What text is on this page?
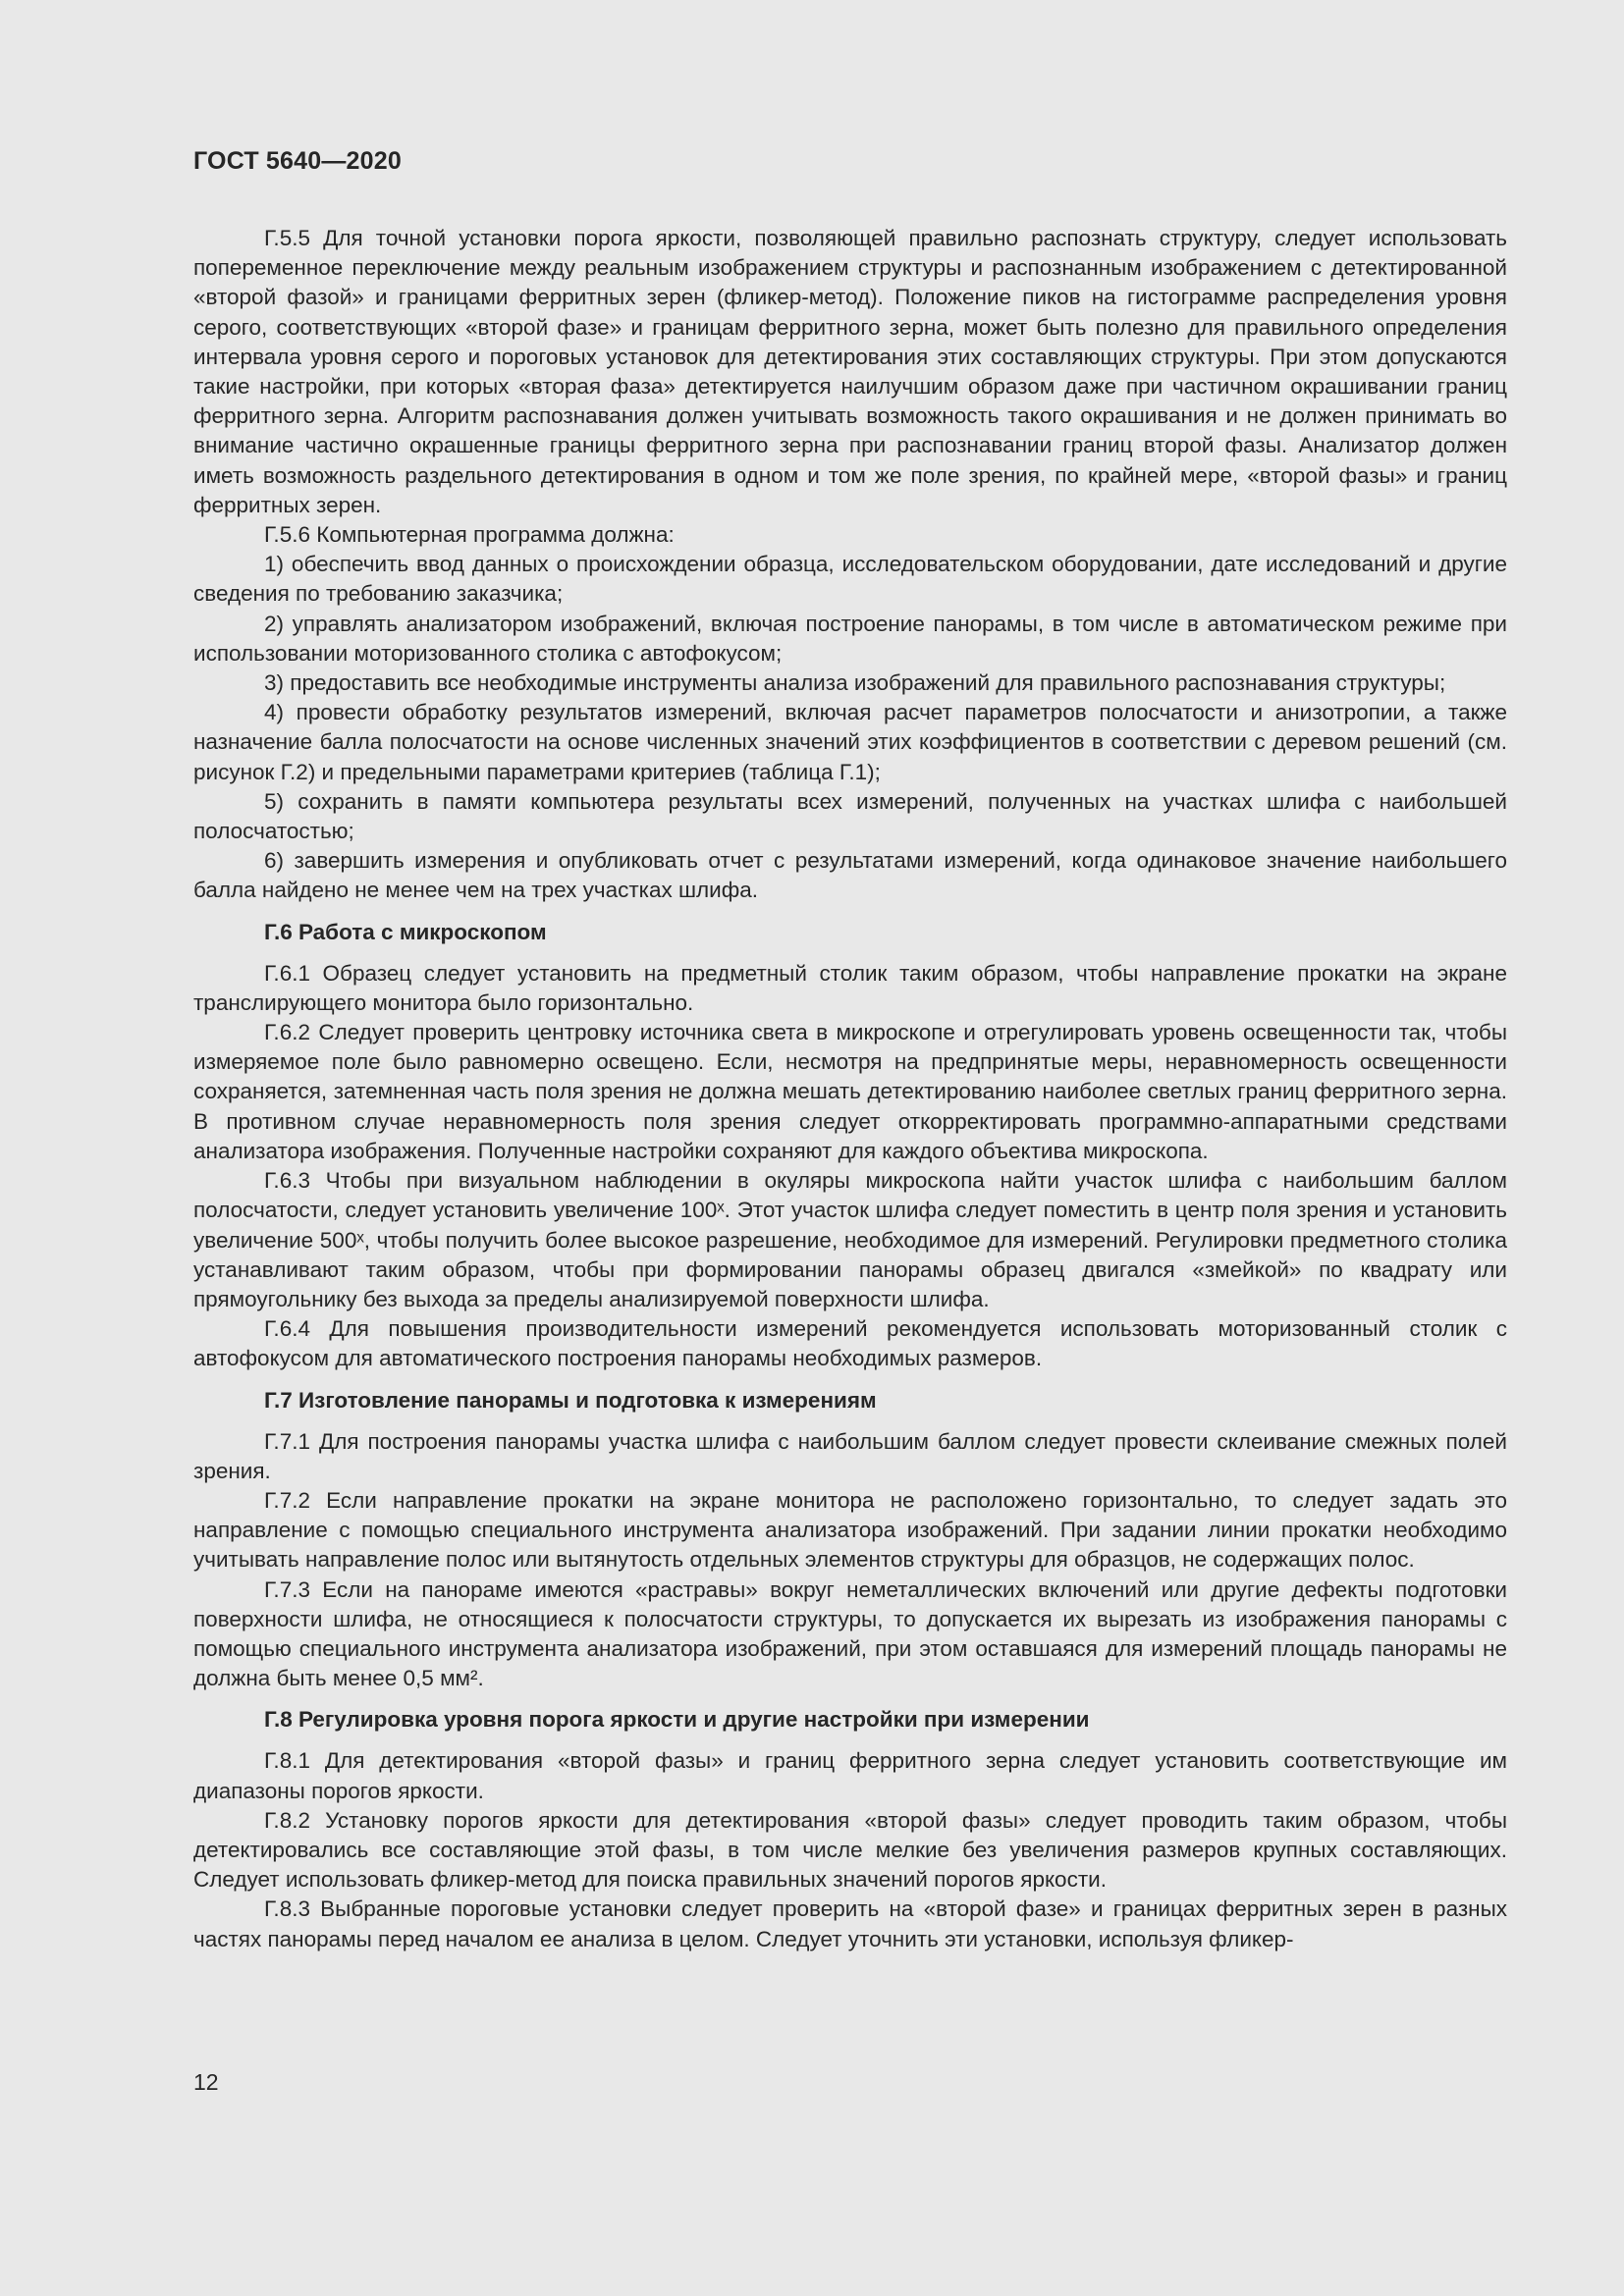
ГОСТ 5640—2020

Г.5.5 Для точной установки порога яркости, позволяющей правильно распознать структуру, следует использовать попеременное переключение между реальным изображением структуры и распознанным изображением с детектированной «второй фазой» и границами ферритных зерен (фликер-метод). Положение пиков на гистограмме распределения уровня серого, соответствующих «второй фазе» и границам ферритного зерна, может быть полезно для правильного определения интервала уровня серого и пороговых установок для детектирования этих составляющих структуры. При этом допускаются такие настройки, при которых «вторая фаза» детектируется наилучшим образом даже при частичном окрашивании границ ферритного зерна. Алгоритм распознавания должен учитывать возможность такого окрашивания и не должен принимать во внимание частично окрашенные границы ферритного зерна при распознавании границ второй фазы. Анализатор должен иметь возможность раздельного детектирования в одном и том же поле зрения, по крайней мере, «второй фазы» и границ ферритных зерен.

Г.5.6 Компьютерная программа должна:

1) обеспечить ввод данных о происхождении образца, исследовательском оборудовании, дате исследований и другие сведения по требованию заказчика;

2) управлять анализатором изображений, включая построение панорамы, в том числе в автоматическом режиме при использовании моторизованного столика с автофокусом;

3) предоставить все необходимые инструменты анализа изображений для правильного распознавания структуры;

4) провести обработку результатов измерений, включая расчет параметров полосчатости и анизотропии, а также назначение балла полосчатости на основе численных значений этих коэффициентов в соответствии с деревом решений (см. рисунок Г.2) и предельными параметрами критериев (таблица Г.1);

5) сохранить в памяти компьютера результаты всех измерений, полученных на участках шлифа с наибольшей полосчатостью;

6) завершить измерения и опубликовать отчет с результатами измерений, когда одинаковое значение наибольшего балла найдено не менее чем на трех участках шлифа.

Г.6 Работа с микроскопом

Г.6.1 Образец следует установить на предметный столик таким образом, чтобы направление прокатки на экране транслирующего монитора было горизонтально.

Г.6.2 Следует проверить центровку источника света в микроскопе и отрегулировать уровень освещенности так, чтобы измеряемое поле было равномерно освещено. Если, несмотря на предпринятые меры, неравномерность освещенности сохраняется, затемненная часть поля зрения не должна мешать детектированию наиболее светлых границ ферритного зерна. В противном случае неравномерность поля зрения следует откорректировать программно-аппаратными средствами анализатора изображения. Полученные настройки сохраняют для каждого объектива микроскопа.

Г.6.3 Чтобы при визуальном наблюдении в окуляры микроскопа найти участок шлифа с наибольшим баллом полосчатости, следует установить увеличение 100ˣ. Этот участок шлифа следует поместить в центр поля зрения и установить увеличение 500ˣ, чтобы получить более высокое разрешение, необходимое для измерений. Регулировки предметного столика устанавливают таким образом, чтобы при формировании панорамы образец двигался «змейкой» по квадрату или прямоугольнику без выхода за пределы анализируемой поверхности шлифа.

Г.6.4 Для повышения производительности измерений рекомендуется использовать моторизованный столик с автофокусом для автоматического построения панорамы необходимых размеров.

Г.7 Изготовление панорамы и подготовка к измерениям

Г.7.1 Для построения панорамы участка шлифа с наибольшим баллом следует провести склеивание смежных полей зрения.

Г.7.2 Если направление прокатки на экране монитора не расположено горизонтально, то следует задать это направление с помощью специального инструмента анализатора изображений. При задании линии прокатки необходимо учитывать направление полос или вытянутость отдельных элементов структуры для образцов, не содержащих полос.

Г.7.3 Если на панораме имеются «растравы» вокруг неметаллических включений или другие дефекты подготовки поверхности шлифа, не относящиеся к полосчатости структуры, то допускается их вырезать из изображения панорамы с помощью специального инструмента анализатора изображений, при этом оставшаяся для измерений площадь панорамы не должна быть менее 0,5 мм².

Г.8 Регулировка уровня порога яркости и другие настройки при измерении

Г.8.1 Для детектирования «второй фазы» и границ ферритного зерна следует установить соответствующие им диапазоны порогов яркости.

Г.8.2 Установку порогов яркости для детектирования «второй фазы» следует проводить таким образом, чтобы детектировались все составляющие этой фазы, в том числе мелкие без увеличения размеров крупных составляющих. Следует использовать фликер-метод для поиска правильных значений порогов яркости.

Г.8.3 Выбранные пороговые установки следует проверить на «второй фазе» и границах ферритных зерен в разных частях панорамы перед началом ее анализа в целом. Следует уточнить эти установки, используя фликер-

12
